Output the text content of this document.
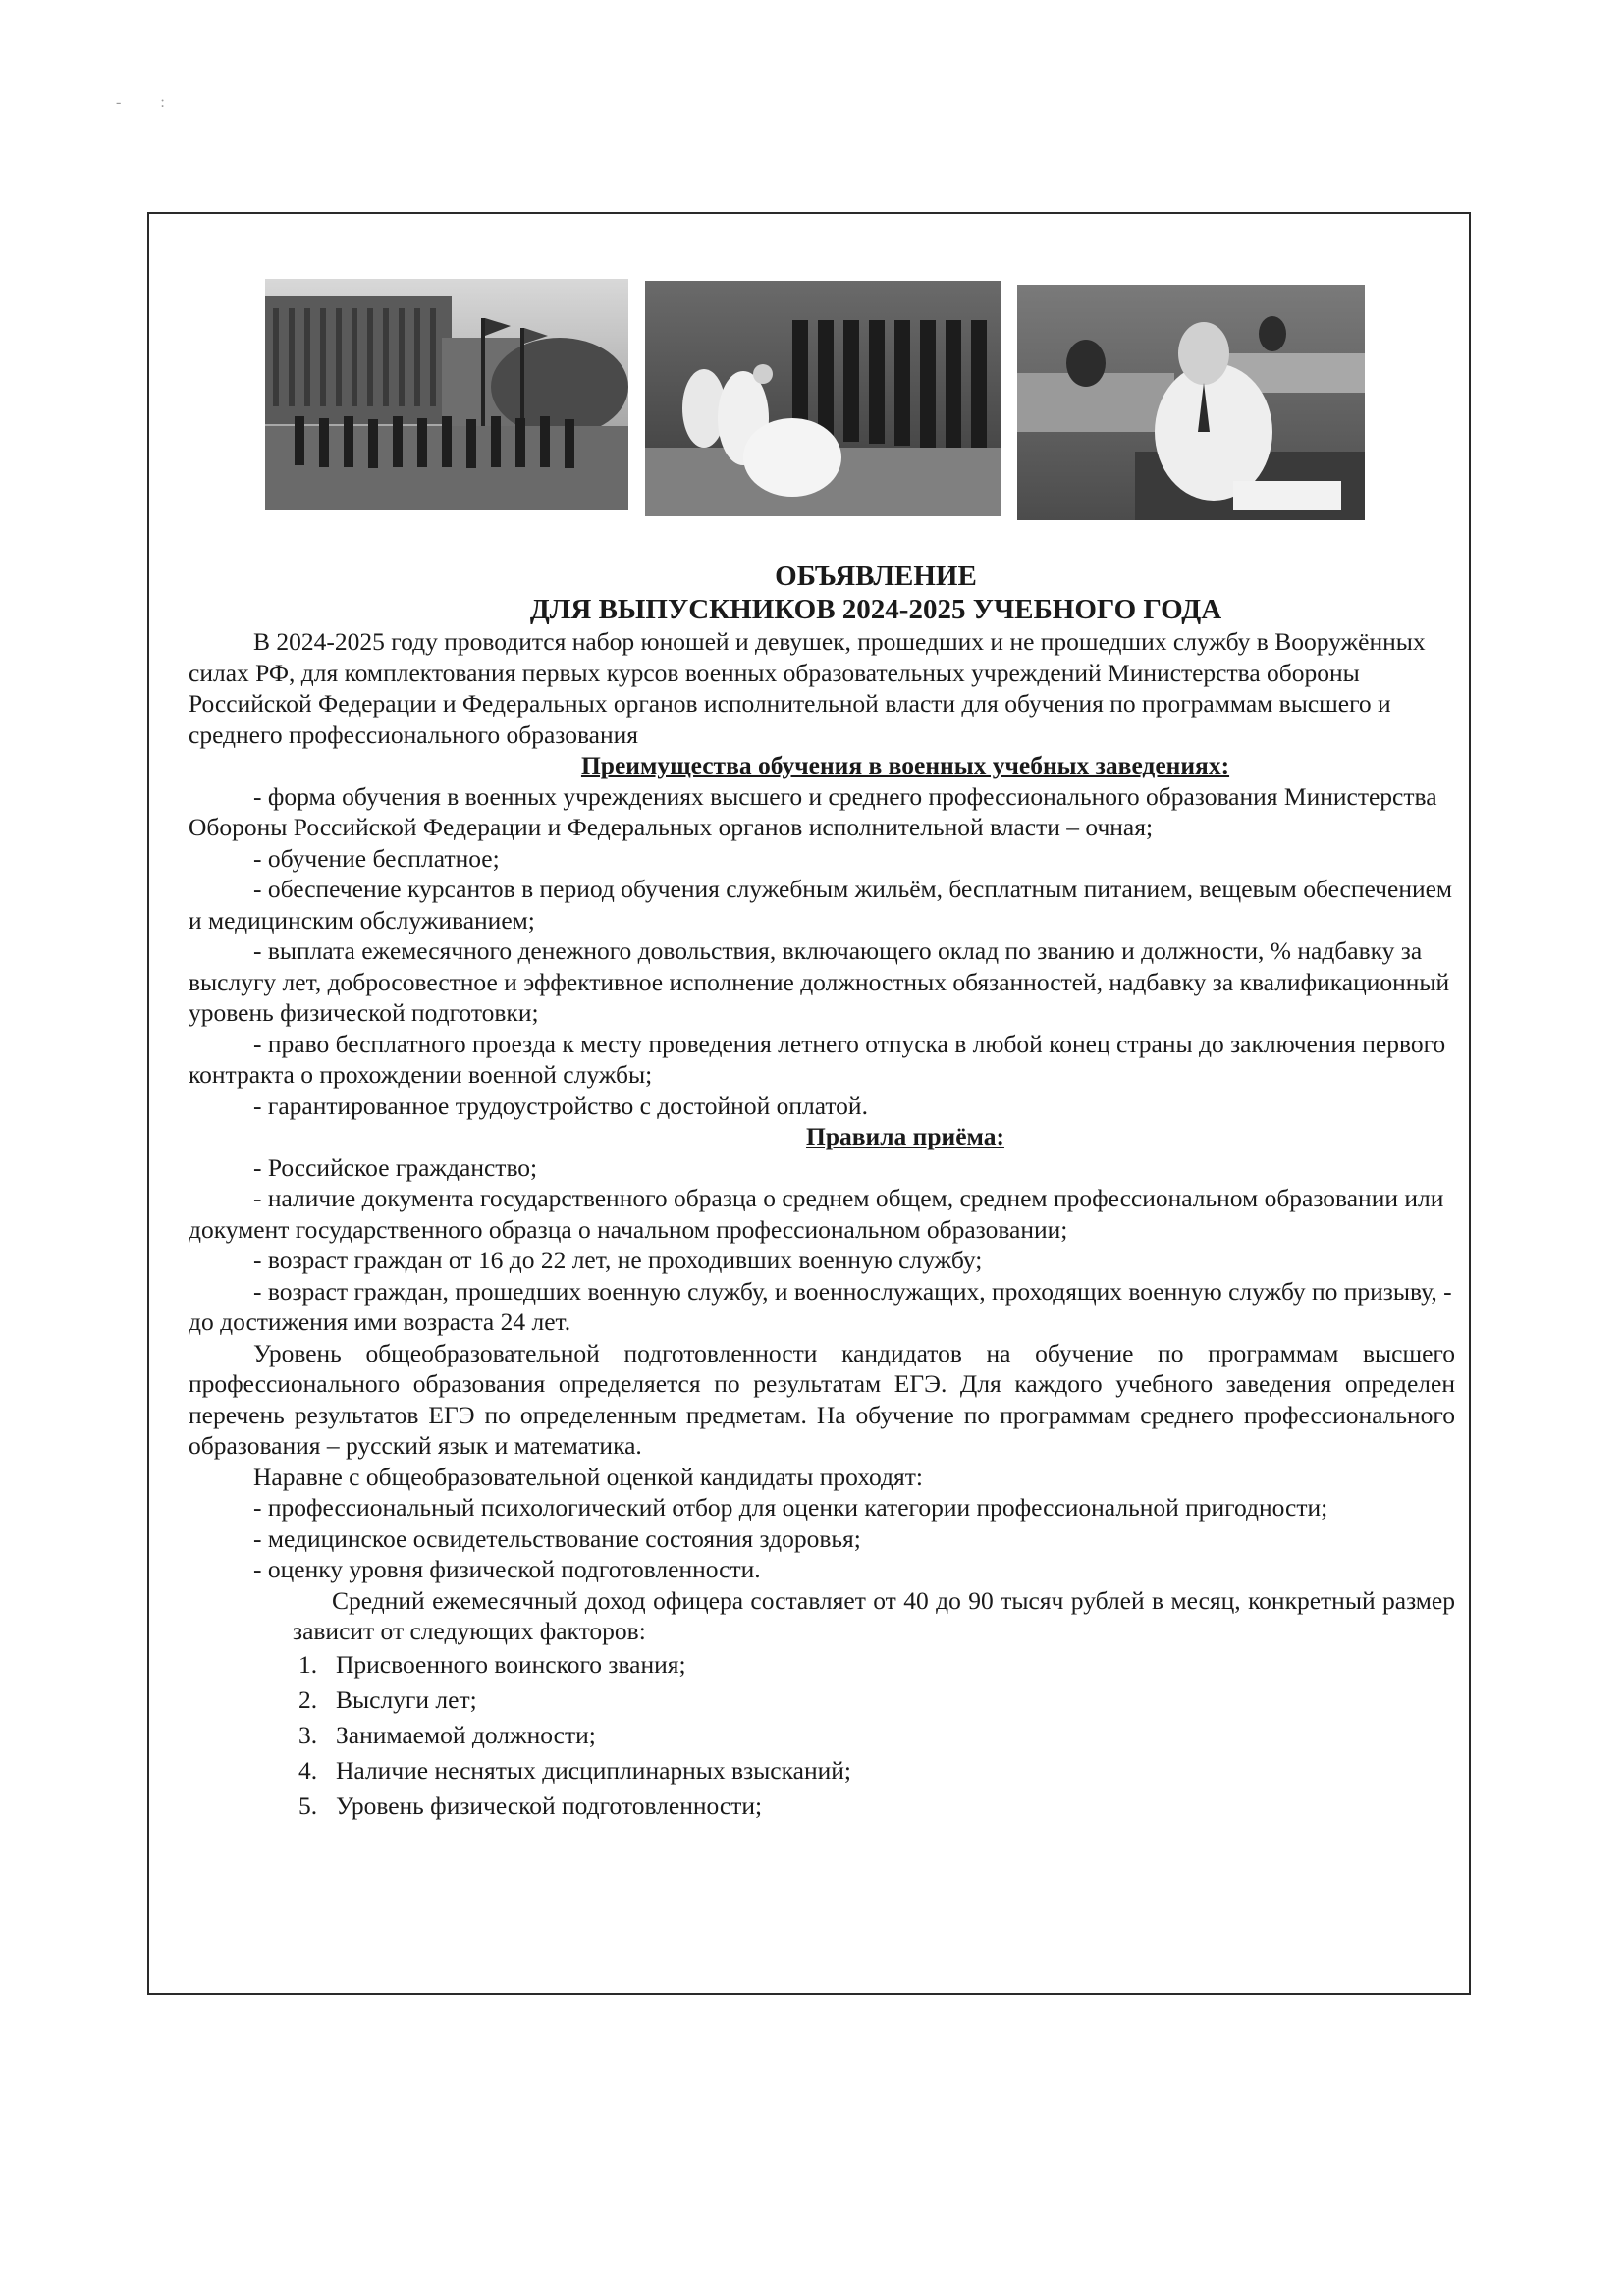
- :

ОБЪЯВЛЕНИЕ

ДЛЯ ВЫПУСКНИКОВ 2024-2025 УЧЕБНОГО ГОДА

В 2024-2025 году проводится набор юношей и девушек, прошедших и не прошедших службу в Вооружённых силах РФ, для комплектования первых курсов военных образовательных учреждений Министерства обороны Российской Федерации и Федеральных органов исполнительной власти для обучения по программам высшего и среднего профессионального образования

Преимущества обучения в военных учебных заведениях:

- форма обучения в военных учреждениях высшего и среднего профессионального образования Министерства Обороны Российской Федерации и Федеральных органов исполнительной власти – очная;

- обучение бесплатное;

- обеспечение курсантов в период обучения служебным жильём, бесплатным питанием, вещевым обеспечением и медицинским обслуживанием;

- выплата ежемесячного денежного довольствия, включающего оклад по званию и должности, % надбавку за выслугу лет, добросовестное и эффективное исполнение должностных обязанностей, надбавку за квалификационный уровень физической подготовки;

- право бесплатного проезда к месту проведения летнего отпуска в любой конец страны до заключения первого контракта о прохождении военной службы;

- гарантированное трудоустройство с достойной оплатой.

Правила приёма:

- Российское гражданство;

- наличие документа государственного образца о среднем общем, среднем профессиональном образовании или документ государственного образца о начальном профессиональном образовании;

- возраст граждан от 16 до 22 лет, не проходивших военную службу;

- возраст граждан, прошедших военную службу, и военнослужащих, проходящих военную службу по призыву, - до достижения ими возраста 24 лет.

Уровень общеобразовательной подготовленности кандидатов на обучение по программам высшего профессионального образования определяется по результатам ЕГЭ. Для каждого учебного заведения определен перечень результатов ЕГЭ по определенным предметам. На обучение по программам среднего профессионального образования – русский язык и математика.

Наравне с общеобразовательной оценкой кандидаты проходят:

- профессиональный психологический отбор для оценки категории профессиональной пригодности;

- медицинское освидетельствование состояния здоровья;

- оценку уровня физической подготовленности.

Средний ежемесячный доход офицера составляет от 40 до 90 тысяч рублей в месяц, конкретный размер зависит от следующих факторов:

1. Присвоенного воинского звания;
2. Выслуги лет;
3. Занимаемой должности;
4. Наличие неснятых дисциплинарных взысканий;
5. Уровень физической подготовленности;
